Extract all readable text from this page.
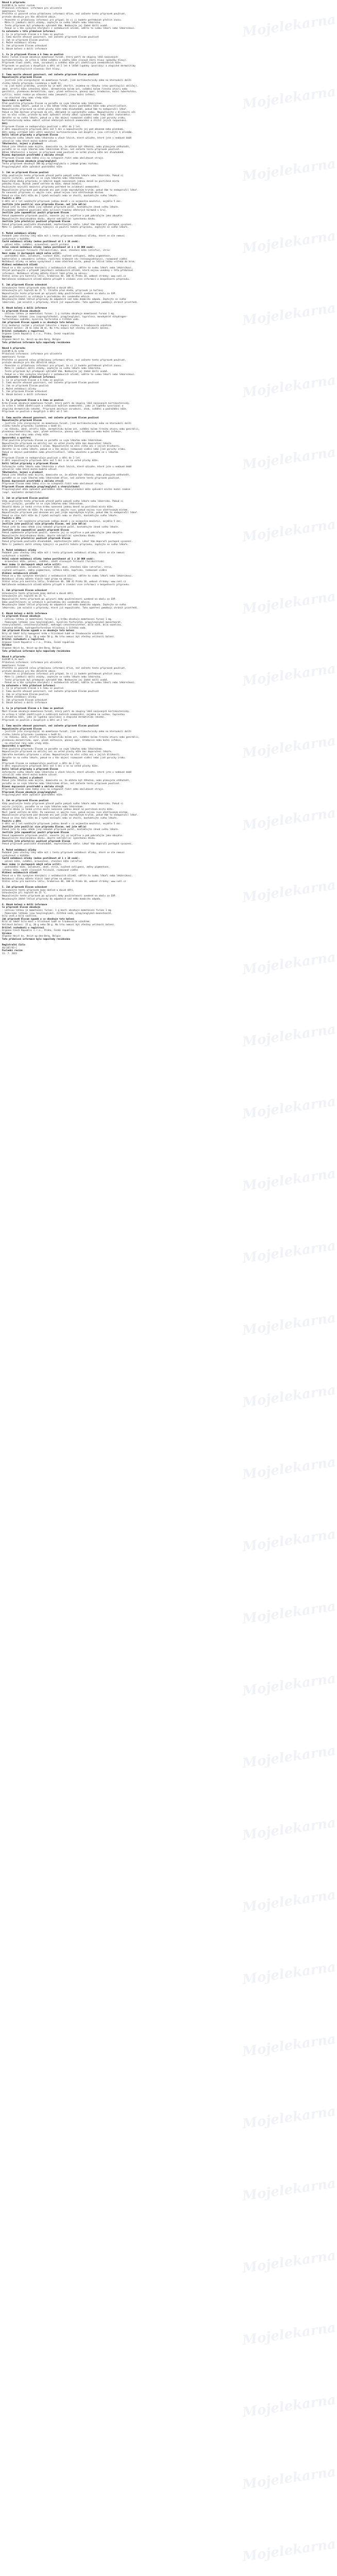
Návod k přípravku
ELOCOM 0,1% kožní roztok
Příbalová informace: informace pro uživatele
mometasoni furoas
Přečtěte si pozorně celou příbalovou informaci dříve, než začnete tento přípravek používat,
protože obsahuje pro Vás důležité údaje.
- Ponechte si příbalovou informaci pro případ, že si ji budete potřebovat přečíst znovu.
- Máte-li jakékoli další otázky, zeptejte se svého lékaře nebo lékárníka.
- Tento přípravek byl předepsán výhradně Vám. Nedávejte jej žádné další osobě.
- Pokud se u Vás vyskytne kterýkoli z nežádoucích účinků, sdělte to svému lékaři nebo lékárníkovi.
Co naleznete v této příbalové informaci
1. Co je přípravek Elocom a k čemu se používá
2. Čemu musíte věnovat pozornost, než začnete přípravek Elocom používat
3. Jak se přípravek Elocom používá
4. Možné nežádoucí účinky
5. Jak přípravek Elocom uchovávat
6. Obsah balení a další informace
1. Co je přípravek Elocom a k čemu se používá
Kožní roztok Elocom obsahuje mometason-furoát, který patří do skupiny léků nazývaných
kortikosteroidy. Je určen k léčbě svědění a zánětu kůže vlasové části hlavy (pokožky hlavy).
Přípravek tlumí zánět, otok, zarudnutí a svědění kůže při zánětlivých onemocněních kůže.
Přípravek se používá u dospělých a dětí od 2 let k léčbě lupénky (psoriázy) a atopické dermatitidy
(ekzému) postihujících vlasovou část hlavy.
2. Čemu musíte věnovat pozornost, než začnete přípravek Elocom používat
Nepoužívejte přípravek Elocom
- jestliže jste alergický(á) na mometason-furoát, jiné kortikosteroidy nebo na kteroukoli další
složku tohoto přípravku (uvedenou v bodě 6),
- na jiné kožní problémy, protože by je mohl zhoršit, zejména na růžovku (stav postihující obličej),
akné, atrofii kůže (ztenčení kůže), dermatitidu kolem úst, svědění kolem řitního otvoru nebo
genitálií, plenkovou dermatitidu, opar, plané neštovice, pásový opar, bradavice, kožní tuberkulózu,
syfilis, kožní reakce po očkování nebo jakoukoli jinou kožní infekci,
- na otevřené rány nebo vředy kůže.
Upozornění a opatření
Před použitím přípravku Elocom se poraďte se svým lékařem nebo lékárníkem.
Oznamte svému lékaři, pokud se u Vás během léčby objeví podráždění kůže nebo přecitlivělost.
Nepoužívejte přípravek na velké plochy kůže nebo dlouhodobě, pokud Vám to nedoporučil lékař.
Pokud se Vám dostane přípravek do očí, důkladně je vypláchněte vodou. Nepoužívejte v blízkosti očí
ani na oční víčka, protože by mohl způsobit zelený zákal (glaukom) nebo šedý zákal (kataraktu).
Obraťte se na svého lékaře, pokud se u Vás objeví rozmazané vidění nebo jiné poruchy zraku.
Kortikosteroidy mohou změnit vzhled některých kožních onemocnění a ztížit jejich rozpoznání.
Děti
Přípravek Elocom se nedoporučuje používat u dětí do 2 let.
U dětí nepoužívejte přípravek déle než 5 dní a nepoužívejte jej pod obvazem nebo plenkami.
Děti mohou vstřebat kůží větší množství kortikosteroidu než dospělí a jsou citlivější k účinkům.
Další léčivé přípravky a přípravek Elocom
Informujte svého lékaře nebo lékárníka o všech lécích, které užíváte, které jste v nedávné době
užíval(a) nebo které možná budete užívat.
Těhotenství, kojení a plodnost
Pokud jste těhotná nebo kojíte, domníváte se, že můžete být těhotná, nebo plánujete otěhotnět,
poraďte se se svým lékařem nebo lékárníkem dříve, než začnete tento přípravek používat.
Během těhotenství a kojení se přípravek nemá používat na velké plochy kůže ani dlouhodobě.
Řízení dopravních prostředků a obsluha strojů
Přípravek Elocom nemá žádný vliv na schopnost řídit nebo obsluhovat stroje.
Přípravek Elocom obsahuje propylenglykol
Tento přípravek obsahuje 300 mg propylenglykolu v jednom gramu roztoku.
Propylenglykol může způsobit podráždění kůže.
3. Jak se přípravek Elocom používá
Vždy používejte tento přípravek přesně podle pokynů svého lékaře nebo lékárníka. Pokud si
nejste jistý(á), poraďte se se svým lékařem nebo lékárníkem.
Doporučená dávka přípravku je několik kapek nanesených jednou denně na postižená místa
pokožky hlavy. Roztok jemně vetřete do kůže, dokud nezmizí.
Používejte nejnižší množství přípravku potřebné ke zvládnutí onemocnění.
Nepoužívejte přípravek pod obvazem ani pod jiným neprodyšným krytím, pokud Vám to nedoporučil lékař.
Po nanesení přípravku si umyjte ruce, pokud nejsou ruce ošetřovaným místem.
Pokud se stav Vaší kůže do 2 týdnů nezlepší nebo se zhorší, kontaktujte svého lékaře.
Použití u dětí
U dětí od 2 let nanášejte přípravek jednou denně v co nejmenším množství, nejdéle 5 dní.
Jestliže jste použil(a) více přípravku Elocom, než jste měl(a)
Pokud jste Vy nebo někdo jiný náhodně přípravek polkl, kontaktujte ihned svého lékaře.
Dlouhodobé nadměrné používání může ovlivnit hladiny některých hormonů v krvi.
Jestliže jste zapomněl(a) použít přípravek Elocom
Pokud zapomenete přípravek použít, naneste jej co nejdříve a pak pokračujte jako obvykle.
Nepoužívejte dvojnásobnou dávku, abyste nahradil(a) vynechanou dávku.
Jestliže jste přestal(a) používat přípravek Elocom
Pokud přípravek používáte dlouhodobě, nepřestávejte náhle. Lékař Vám doporučí postupné vysazení.
Máte-li jakékoli další otázky týkající se použití tohoto přípravku, zeptejte se svého lékaře.
4. Možné nežádoucí účinky
Podobně jako všechny léky může mít i tento přípravek nežádoucí účinky, které se ale nemusí
vyskytnout u každého.
Časté nežádoucí účinky (mohou postihnout až 1 z 10 osob):
- pálení kůže, svědění, mravenčení, pocit píchání
Velmi vzácné nežádoucí účinky (mohou postihnout až 1 z 10 000 osob):
- zánět vlasových folikulů (folikulitida), akné, ztenčení kůže (atrofie), strie
Není známo (z dostupných údajů nelze určit):
- podráždění kůže, zarudnutí, suchost kůže, zvýšené ochlupení, změny pigmentace,
bakteriální a sekundární infekce, rozšíření drobných cév (teleangiektazie), rozmazané vidění
Nežádoucí účinky se mohou vyskytnout i mimo ošetřené místo, pokud se léčivá látka vstřebá do krve.
Hlášení nežádoucích účinků
Pokud se u Vás vyskytne kterýkoli z nežádoucích účinků, sdělte to svému lékaři nebo lékárníkovi.
Stejně postupujte v případě jakýchkoli nežádoucích účinků, které nejsou uvedeny v této příbalové
informaci. Nežádoucí účinky můžete hlásit také přímo na adresu:
Státní ústav pro kontrolu léčiv, Šrobárova 48, 100 41 Praha 10, webové stránky: www.sukl.cz
Nahlášením nežádoucích účinků můžete přispět k získání více informací o bezpečnosti přípravku.
5. Jak přípravek Elocom uchovávat
Uchovávejte tento přípravek mimo dohled a dosah dětí.
Uchovávejte při teplotě do 25 °C. Chraňte před ohněm, přípravek je hořlavý.
Nepoužívejte tento přípravek po uplynutí doby použitelnosti uvedené na obalu za EXP.
Doba použitelnosti se vztahuje k poslednímu dni uvedeného měsíce.
Nevyhazujte žádné léčivé přípravky do odpadních vod nebo domácího odpadu. Zeptejte se svého
lékárníka, jak naložit s přípravky, které již nepoužíváte. Tato opatření pomáhají chránit prostředí.
6. Obsah balení a další informace
Co přípravek Elocom obsahuje
- Léčivou látkou je mometasoni furoas. 1 g roztoku obsahuje mometasoni furoas 1 mg.
- Pomocnými látkami jsou isopropylalkohol, propylenglykol, hyprolosa, monohydrát dihydrogen-
fosforečnanu sodného, kyselina fosforečná a čištěná voda.
Jak přípravek Elocom vypadá a co obsahuje toto balení
Čirý bezbarvý roztok v plastové lahvičce s kapací vložkou a šroubovacím uzávěrem.
Velikost balení: 20 ml nebo 30 ml. Na trhu nemusí být všechny velikosti balení.
Držitel rozhodnutí o registraci
Organon Czech Republic s.r.o., Praha, Česká republika
Výrobce
Organon Heist bv, Heist-op-den-Berg, Belgie
Tato příbalová informace byla naposledy revidována
Návod k přípravku
ELOCOM 0,1% krém
Příbalová informace: informace pro uživatele
mometasoni furoas
Přečtěte si pozorně celou příbalovou informaci dříve, než začnete tento přípravek používat,
protože obsahuje pro Vás důležité údaje.
- Ponechte si příbalovou informaci pro případ, že si ji budete potřebovat přečíst znovu.
- Máte-li jakékoli další otázky, zeptejte se svého lékaře nebo lékárníka.
- Tento přípravek byl předepsán výhradně Vám. Nedávejte jej žádné další osobě.
- Pokud se u Vás vyskytne kterýkoli z nežádoucích účinků, sdělte to svému lékaři nebo lékárníkovi.
Co naleznete v této příbalové informaci
1. Co je přípravek Elocom a k čemu se používá
2. Čemu musíte věnovat pozornost, než začnete přípravek Elocom používat
3. Jak se přípravek Elocom používá
4. Možné nežádoucí účinky
5. Jak přípravek Elocom uchovávat
6. Obsah balení a další informace
1. Co je přípravek Elocom a k čemu se používá
Krém Elocom obsahuje mometason-furoát, který patří do skupiny léků nazývaných kortikosteroidy.
Je určen k léčbě zánětlivých a svědivých kožních onemocnění, jako je lupénka (psoriáza) a
atopická dermatitida (ekzém). Přípravek zmírňuje zarudnutí, otok, svědění a podráždění kůže.
Přípravek se používá u dospělých a dětí od 2 let.
2. Čemu musíte věnovat pozornost, než začnete přípravek Elocom používat
Nepoužívejte přípravek Elocom
- jestliže jste alergický(á) na mometason-furoát, jiné kortikosteroidy nebo na kteroukoli další
složku tohoto přípravku (uvedenou v bodě 6),
- na růžovku, akné, atrofii kůže, dermatitidu kolem úst, svědění kolem řitního otvoru nebo genitálií,
plenkovou dermatitidu, opar, plané neštovice, pásový opar, bradavice nebo kožní infekce,
- na otevřené rány nebo vředy kůže.
Upozornění a opatření
Před použitím přípravku Elocom se poraďte se svým lékařem nebo lékárníkem.
Nepoužívejte přípravek na obličej ani na velké plochy kůže bez doporučení lékaře.
Zabraňte kontaktu přípravku s očima. Nepoužívejte na oční víčka ani v jejich blízkosti.
Obraťte se na svého lékaře, pokud se u Vás objeví rozmazané vidění nebo jiné poruchy zraku.
Pokud se objeví podráždění nebo přecitlivělost, léčbu ukončete a poraďte se s lékařem.
Děti
Přípravek Elocom se nedoporučuje používat u dětí do 2 let.
U dětí nepoužívejte přípravek déle než 5 dní a ne na velké plochy kůže.
Další léčivé přípravky a přípravek Elocom
Informujte svého lékaře nebo lékárníka o všech lécích, které užíváte, které jste v nedávné době
užíval(a) nebo které možná budete užívat.
Těhotenství, kojení a plodnost
Pokud jste těhotná nebo kojíte, domníváte se, že můžete být těhotná, nebo plánujete otěhotnět,
poraďte se se svým lékařem nebo lékárníkem dříve, než začnete tento přípravek používat.
Řízení dopravních prostředků a obsluha strojů
Přípravek Elocom nemá žádný vliv na schopnost řídit nebo obsluhovat stroje.
Přípravek Elocom obsahuje propylenglykol a stearylalkohol
Propylenglykol může způsobit podráždění kůže. Stearylalkohol může způsobit místní kožní reakce
(např. kontaktní dermatitidu).
3. Jak se přípravek Elocom používá
Vždy používejte tento přípravek přesně podle pokynů svého lékaře nebo lékárníka. Pokud si
nejste jistý(á), poraďte se se svým lékařem nebo lékárníkem.
Obvyklá dávka je tenká vrstva krému nanesená jednou denně na postižená místa kůže.
Krém jemně vetřete do kůže. Po nanesení si umyjte ruce, pokud nejsou ruce ošetřovaným místem.
Nepoužívejte přípravek pod obvazem ani pod jiným neprodyšným krytím, pokud Vám to nedoporučil lékař.
Pokud se stav Vaší kůže do 2 týdnů nezlepší nebo se zhorší, kontaktujte svého lékaře.
Použití u dětí
U dětí od 2 let nanášejte přípravek jednou denně v co nejmenším množství, nejdéle 5 dní.
Jestliže jste použil(a) více přípravku Elocom, než jste měl(a)
Pokud jste Vy nebo někdo jiný náhodně přípravek polkl, kontaktujte ihned svého lékaře.
Jestliže jste zapomněl(a) použít přípravek Elocom
Pokud zapomenete přípravek použít, naneste jej co nejdříve a pak pokračujte jako obvykle.
Nepoužívejte dvojnásobnou dávku, abyste nahradil(a) vynechanou dávku.
Jestliže jste přestal(a) používat přípravek Elocom
Pokud přípravek používáte dlouhodobě, nepřestávejte náhle. Lékař Vám doporučí postupné vysazení.
Máte-li jakékoli další otázky týkající se použití tohoto přípravku, zeptejte se svého lékaře.
4. Možné nežádoucí účinky
Podobně jako všechny léky může mít i tento přípravek nežádoucí účinky, které se ale nemusí
vyskytnout u každého.
Velmi vzácné nežádoucí účinky (mohou postihnout až 1 z 10 000 osob):
- mravenčení kůže, pálení, svědění, zánět vlasových folikulů (folikulitida)
Není známo (z dostupných údajů nelze určit):
- podráždění kůže, zarudnutí, suchost kůže, akné, ztenčení kůže (atrofie), strie,
zvýšené ochlupení, změny pigmentace, infekce kůže, kopřivka, rozmazané vidění
Hlášení nežádoucích účinků
Pokud se u Vás vyskytne kterýkoli z nežádoucích účinků, sdělte to svému lékaři nebo lékárníkovi.
Nežádoucí účinky můžete hlásit také přímo na adresu:
Státní ústav pro kontrolu léčiv, Šrobárova 48, 100 41 Praha 10, webové stránky: www.sukl.cz
Nahlášením nežádoucích účinků můžete přispět k získání více informací o bezpečnosti přípravku.
5. Jak přípravek Elocom uchovávat
Uchovávejte tento přípravek mimo dohled a dosah dětí.
Uchovávejte při teplotě do 25 °C.
Nepoužívejte tento přípravek po uplynutí doby použitelnosti uvedené na obalu za EXP.
Doba použitelnosti se vztahuje k poslednímu dni uvedeného měsíce.
Nevyhazujte žádné léčivé přípravky do odpadních vod nebo domácího odpadu. Zeptejte se svého
lékárníka, jak naložit s přípravky, které již nepoužíváte. Tato opatření pomáhají chránit prostředí.
6. Obsah balení a další informace
Co přípravek Elocom obsahuje
- Léčivou látkou je mometasoni furoas. 1 g krému obsahuje mometasoni furoas 1 mg.
- Pomocnými látkami jsou hexylenglykol, kyselina fosforečná, propylenglykol-monostearát,
stearylalkohol, cetostearylalkohol, makrogol-cetostearylether, bílá vosk, bílá vazelína,
titanová běloba, hydrogenfosforečnan hliníkový a čištěná voda.
Jak přípravek Elocom vypadá a co obsahuje toto balení
Bílý až téměř bílý homogenní krém v hliníkové tubě se šroubovacím uzávěrem.
Velikost balení: 15 g, 30 g nebo 50 g. Na trhu nemusí být všechny velikosti balení.
Držitel rozhodnutí o registraci
Organon Czech Republic s.r.o., Praha, Česká republika
Výrobce
Organon Heist bv, Heist-op-den-Berg, Belgie
Tato příbalová informace byla naposledy revidována
Návod k přípravku
ELOCOM 0,1% mast
Příbalová informace: informace pro uživatele
mometasoni furoas
Přečtěte si pozorně celou příbalovou informaci dříve, než začnete tento přípravek používat,
protože obsahuje pro Vás důležité údaje.
- Ponechte si příbalovou informaci pro případ, že si ji budete potřebovat přečíst znovu.
- Máte-li jakékoli další otázky, zeptejte se svého lékaře nebo lékárníka.
- Tento přípravek byl předepsán výhradně Vám. Nedávejte jej žádné další osobě.
- Pokud se u Vás vyskytne kterýkoli z nežádoucích účinků, sdělte to svému lékaři nebo lékárníkovi.
Co naleznete v této příbalové informaci
1. Co je přípravek Elocom a k čemu se používá
2. Čemu musíte věnovat pozornost, než začnete přípravek Elocom používat
3. Jak se přípravek Elocom používá
4. Možné nežádoucí účinky
5. Jak přípravek Elocom uchovávat
6. Obsah balení a další informace
1. Co je přípravek Elocom a k čemu se používá
Mast Elocom obsahuje mometason-furoát, který patří do skupiny léků nazývaných kortikosteroidy.
Je určena k léčbě zánětlivých a svědivých kožních onemocnění, zejména na suchou, šupinatou
a zhrubělou kůži, jako je lupénka (psoriáza) a atopická dermatitida (ekzém).
Přípravek se používá u dospělých a dětí od 2 let.
2. Čemu musíte věnovat pozornost, než začnete přípravek Elocom používat
Nepoužívejte přípravek Elocom
- jestliže jste alergický(á) na mometason-furoát, jiné kortikosteroidy nebo na kteroukoli další
složku tohoto přípravku (uvedenou v bodě 6),
- na růžovku, akné, atrofii kůže, dermatitidu kolem úst, svědění kolem řitního otvoru nebo genitálií,
plenkovou dermatitidu, opar, plané neštovice, pásový opar, bradavice nebo kožní infekce,
- na otevřené rány nebo vředy kůže.
Upozornění a opatření
Před použitím přípravku Elocom se poraďte se svým lékařem nebo lékárníkem.
Nepoužívejte přípravek na obličej ani na velké plochy kůže bez doporučení lékaře.
Zabraňte kontaktu přípravku s očima. Nepoužívejte na oční víčka ani v jejich blízkosti.
Obraťte se na svého lékaře, pokud se u Vás objeví rozmazané vidění nebo jiné poruchy zraku.
Děti
Přípravek Elocom se nedoporučuje používat u dětí do 2 let.
U dětí nepoužívejte přípravek déle než 5 dní a ne na velké plochy kůže.
Další léčivé přípravky a přípravek Elocom
Informujte svého lékaře nebo lékárníka o všech lécích, které užíváte, které jste v nedávné době
užíval(a) nebo které možná budete užívat.
Těhotenství, kojení a plodnost
Pokud jste těhotná nebo kojíte, domníváte se, že můžete být těhotná, nebo plánujete otěhotnět,
poraďte se se svým lékařem nebo lékárníkem dříve, než začnete tento přípravek používat.
Řízení dopravních prostředků a obsluha strojů
Přípravek Elocom nemá žádný vliv na schopnost řídit nebo obsluhovat stroje.
Přípravek Elocom obsahuje propylenglykol
Propylenglykol může způsobit podráždění kůže.
3. Jak se přípravek Elocom používá
Vždy používejte tento přípravek přesně podle pokynů svého lékaře nebo lékárníka. Pokud si
nejste jistý(á), poraďte se se svým lékařem nebo lékárníkem.
Obvyklá dávka je tenká vrstva masti nanesená jednou denně na postižená místa kůže.
Mast jemně vetřete do kůže. Po nanesení si umyjte ruce, pokud nejsou ruce ošetřovaným místem.
Nepoužívejte přípravek pod obvazem ani pod jiným neprodyšným krytím, pokud Vám to nedoporučil lékař.
Pokud se stav Vaší kůže do 2 týdnů nezlepší nebo se zhorší, kontaktujte svého lékaře.
Použití u dětí
U dětí od 2 let nanášejte přípravek jednou denně v co nejmenším množství, nejdéle 5 dní.
Jestliže jste použil(a) více přípravku Elocom, než jste měl(a)
Pokud jste Vy nebo někdo jiný náhodně přípravek polkl, kontaktujte ihned svého lékaře.
Jestliže jste zapomněl(a) použít přípravek Elocom
Pokud zapomenete přípravek použít, naneste jej co nejdříve a pak pokračujte jako obvykle.
Nepoužívejte dvojnásobnou dávku, abyste nahradil(a) vynechanou dávku.
Jestliže jste přestal(a) používat přípravek Elocom
Pokud přípravek používáte dlouhodobě, nepřestávejte náhle. Lékař Vám doporučí postupné vysazení.
4. Možné nežádoucí účinky
Podobně jako všechny léky může mít i tento přípravek nežádoucí účinky, které se ale nemusí
vyskytnout u každého.
Časté nežádoucí účinky (mohou postihnout až 1 z 10 osob):
- pálení kůže, svědění, mravenčení, ztenčení kůže (atrofie)
Není známo (z dostupných údajů nelze určit):
- podráždění kůže, zarudnutí, akné, strie, zvýšené ochlupení, změny pigmentace,
infekce kůže, zánět vlasových folikulů, rozmazané vidění
Hlášení nežádoucích účinků
Pokud se u Vás vyskytne kterýkoli z nežádoucích účinků, sdělte to svému lékaři nebo lékárníkovi.
Nežádoucí účinky můžete hlásit také přímo na adresu:
Státní ústav pro kontrolu léčiv, Šrobárova 48, 100 41 Praha 10, webové stránky: www.sukl.cz
5. Jak přípravek Elocom uchovávat
Uchovávejte tento přípravek mimo dohled a dosah dětí.
Uchovávejte při teplotě do 25 °C.
Nepoužívejte tento přípravek po uplynutí doby použitelnosti uvedené na obalu za EXP.
Nevyhazujte žádné léčivé přípravky do odpadních vod nebo domácího odpadu.
6. Obsah balení a další informace
Co přípravek Elocom obsahuje
- Léčivou látkou je mometasoni furoas. 1 g masti obsahuje mometasoni furoas 1 mg.
- Pomocnými látkami jsou hexylenglykol, čištěná voda, propylenglykol-monostearát,
bílý vosk a bílá vazelína.
Jak přípravek Elocom vypadá a co obsahuje toto balení
Bílá až téměř bílá mast v hliníkové tubě se šroubovacím uzávěrem.
Velikost balení: 15 g, 30 g nebo 50 g. Na trhu nemusí být všechny velikosti balení.
Držitel rozhodnutí o registraci
Organon Czech Republic s.r.o., Praha, Česká republika
Výrobce
Organon Heist bv, Heist-op-den-Berg, Belgie
Tato příbalová informace byla naposledy revidována
Registrační číslo
46/107/93-C
Poslední revize
11. 7. 2023
Mojelekarna
Mojelekarna
Mojelekarna
Mojelekarna
Mojelekarna
Mojelekarna
Mojelekarna
Mojelekarna
Mojelekarna
Mojelekarna
Mojelekarna
Mojelekarna
Mojelekarna
Mojelekarna
Mojelekarna
Mojelekarna
Mojelekarna
Mojelekarna
Mojelekarna
Mojelekarna
Mojelekarna
Mojelekarna
Mojelekarna
Mojelekarna
Mojelekarna
Mojelekarna
Mojelekarna
Mojelekarna
Mojelekarna
Mojelekarna
Mojelekarna
Mojelekarna
Mojelekarna
Mojelekarna
Mojelekarna
Mojelekarna
